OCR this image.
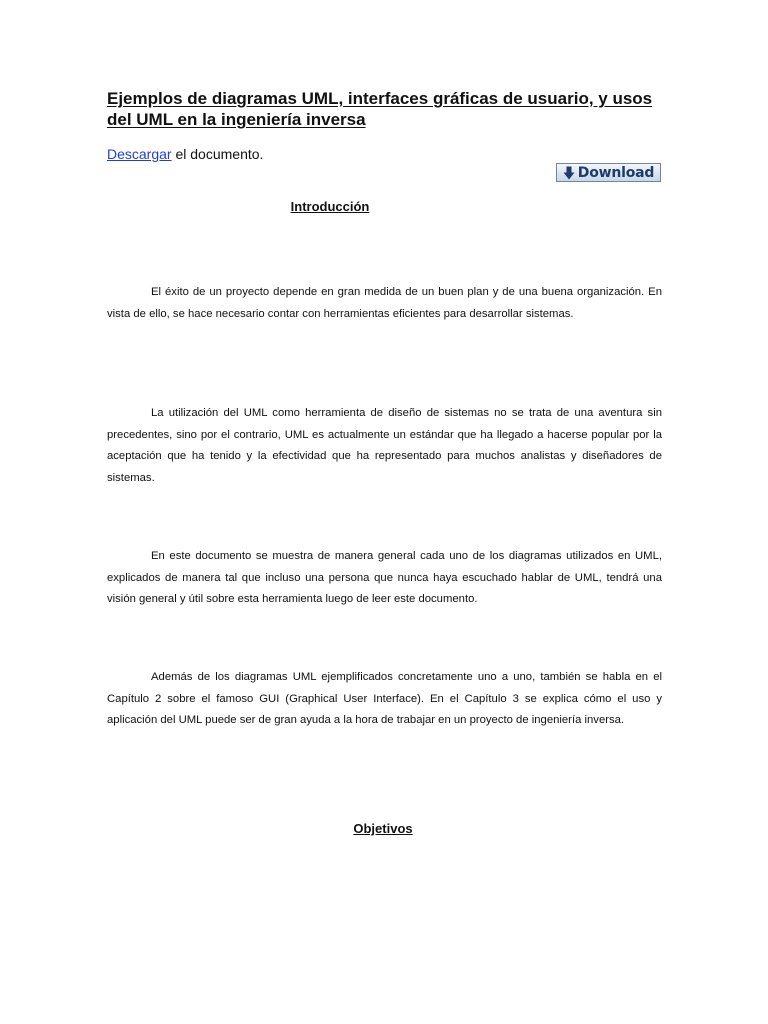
Ejemplos de diagramas UML, interfaces gráficas de usuario, y usos del UML en la ingeniería inversa
Descargar el documento.
Download
Introducción

El éxito de un proyecto depende en gran medida de un buen plan y de una buena organización. En vista de ello, se hace necesario contar con herramientas eficientes para desarrollar sistemas.

La utilización del UML como herramienta de diseño de sistemas no se trata de una aventura sin precedentes, sino por el contrario, UML es actualmente un estándar que ha llegado a hacerse popular por la aceptación que ha tenido y la efectividad que ha representado para muchos analistas y diseñadores de sistemas.

En este documento se muestra de manera general cada uno de los diagramas utilizados en UML, explicados de manera tal que incluso una persona que nunca haya escuchado hablar de UML, tendrá una visión general y útil sobre esta herramienta luego de leer este documento.

Además de los diagramas UML ejemplificados concretamente uno a uno, también se habla en el Capítulo 2 sobre el famoso GUI (Graphical User Interface). En el Capítulo 3 se explica cómo el uso y aplicación del UML puede ser de gran ayuda a la hora de trabajar en un proyecto de ingeniería inversa.

Objetivos
